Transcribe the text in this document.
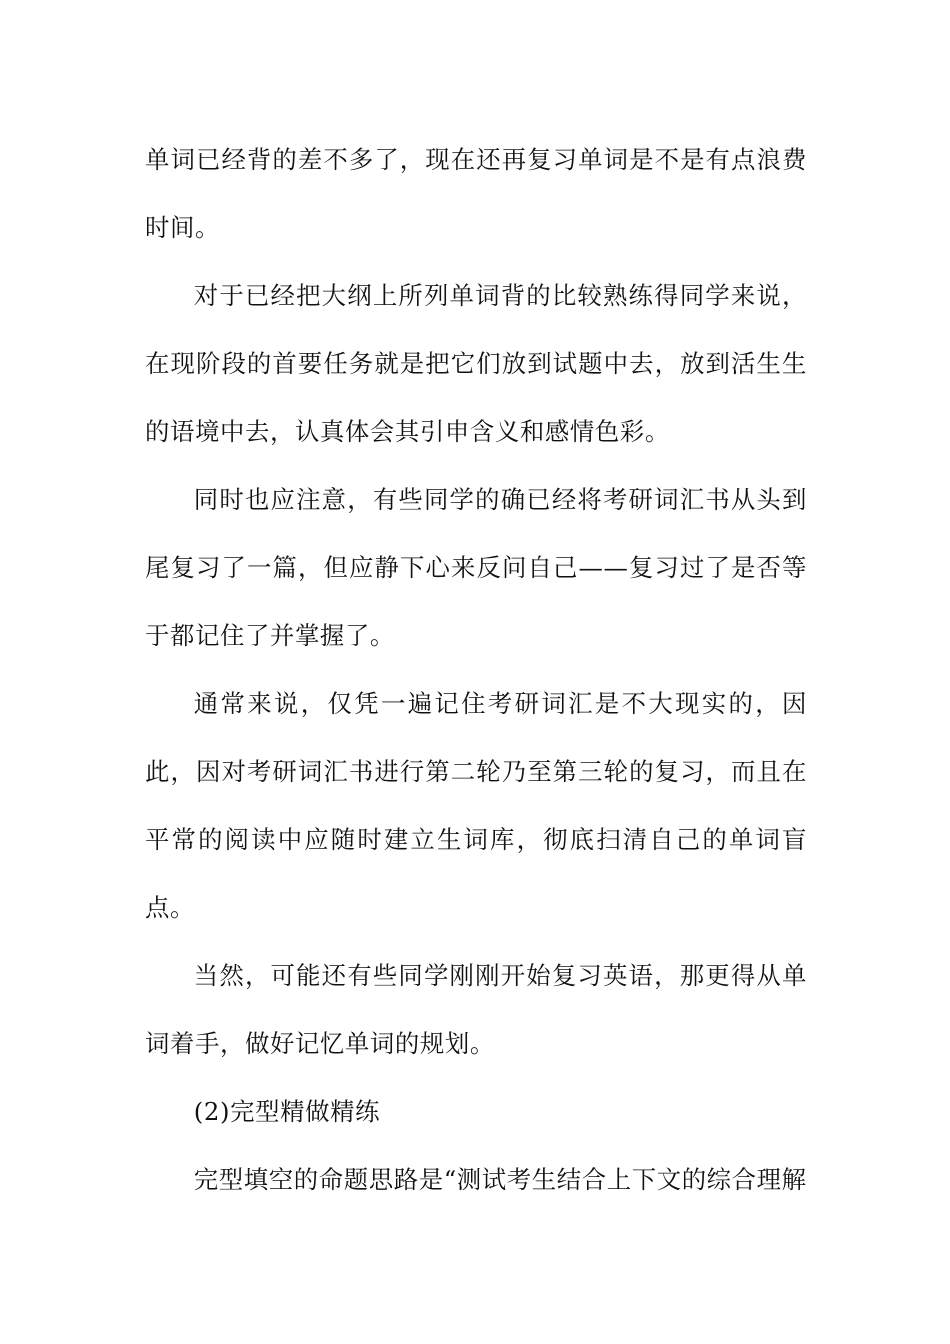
单词已经背的差不多了，现在还再复习单词是不是有点浪费时间。

对于已经把大纲上所列单词背的比较熟练得同学来说，在现阶段的首要任务就是把它们放到试题中去，放到活生生的语境中去，认真体会其引申含义和感情色彩。

同时也应注意，有些同学的确已经将考研词汇书从头到尾复习了一篇，但应静下心来反问自己——复习过了是否等于都记住了并掌握了。

通常来说，仅凭一遍记住考研词汇是不大现实的，因此，因对考研词汇书进行第二轮乃至第三轮的复习，而且在平常的阅读中应随时建立生词库，彻底扫清自己的单词盲点。

当然，可能还有些同学刚刚开始复习英语，那更得从单词着手，做好记忆单词的规划。

(2)完型精做精练

完型填空的命题思路是“测试考生结合上下文的综合理解
